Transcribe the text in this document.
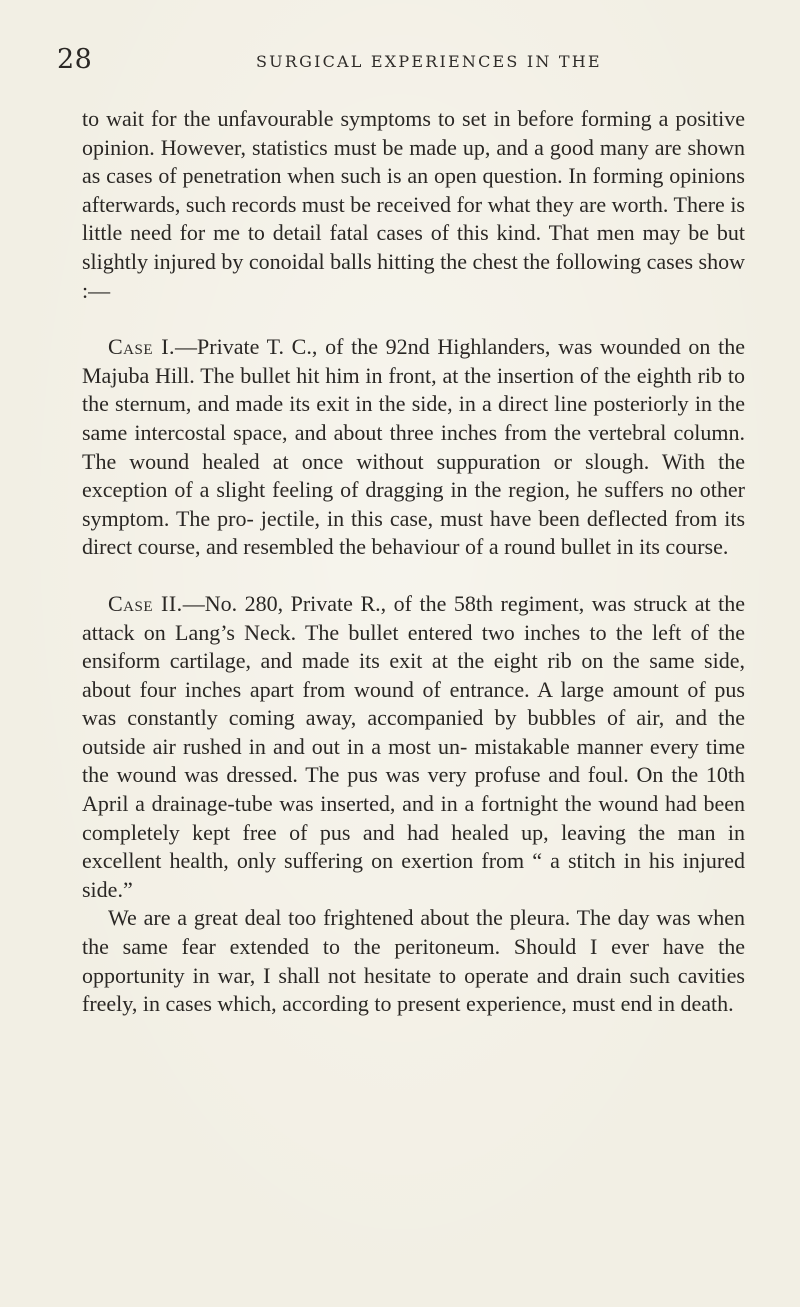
28	SURGICAL EXPERIENCES IN THE

to wait for the unfavourable symptoms to set in before forming a positive opinion. However, statistics must be made up, and a good many are shown as cases of penetration when such is an open question. In forming opinions afterwards, such records must be received for what they are worth. There is little need for me to detail fatal cases of this kind. That men may be but slightly injured by conoidal balls hitting the chest the following cases show :—

Case I.—Private T. C., of the 92nd Highlanders, was wounded on the Majuba Hill. The bullet hit him in front, at the insertion of the eighth rib to the sternum, and made its exit in the side, in a direct line posteriorly in the same intercostal space, and about three inches from the vertebral column. The wound healed at once without suppuration or slough. With the exception of a slight feeling of dragging in the region, he suffers no other symptom. The pro- jectile, in this case, must have been deflected from its direct course, and resembled the behaviour of a round bullet in its course.

Case II.—No. 280, Private R., of the 58th regiment, was struck at the attack on Lang’s Neck. The bullet entered two inches to the left of the ensiform cartilage, and made its exit at the eight rib on the same side, about four inches apart from wound of entrance. A large amount of pus was constantly coming away, accompanied by bubbles of air, and the outside air rushed in and out in a most un- mistakable manner every time the wound was dressed. The pus was very profuse and foul. On the 10th April a drainage-tube was inserted, and in a fortnight the wound had been completely kept free of pus and had healed up, leaving the man in excellent health, only suffering on exertion from “ a stitch in his injured side.”

We are a great deal too frightened about the pleura. The day was when the same fear extended to the peritoneum. Should I ever have the opportunity in war, I shall not hesitate to operate and drain such cavities freely, in cases which, according to present experience, must end in death.
